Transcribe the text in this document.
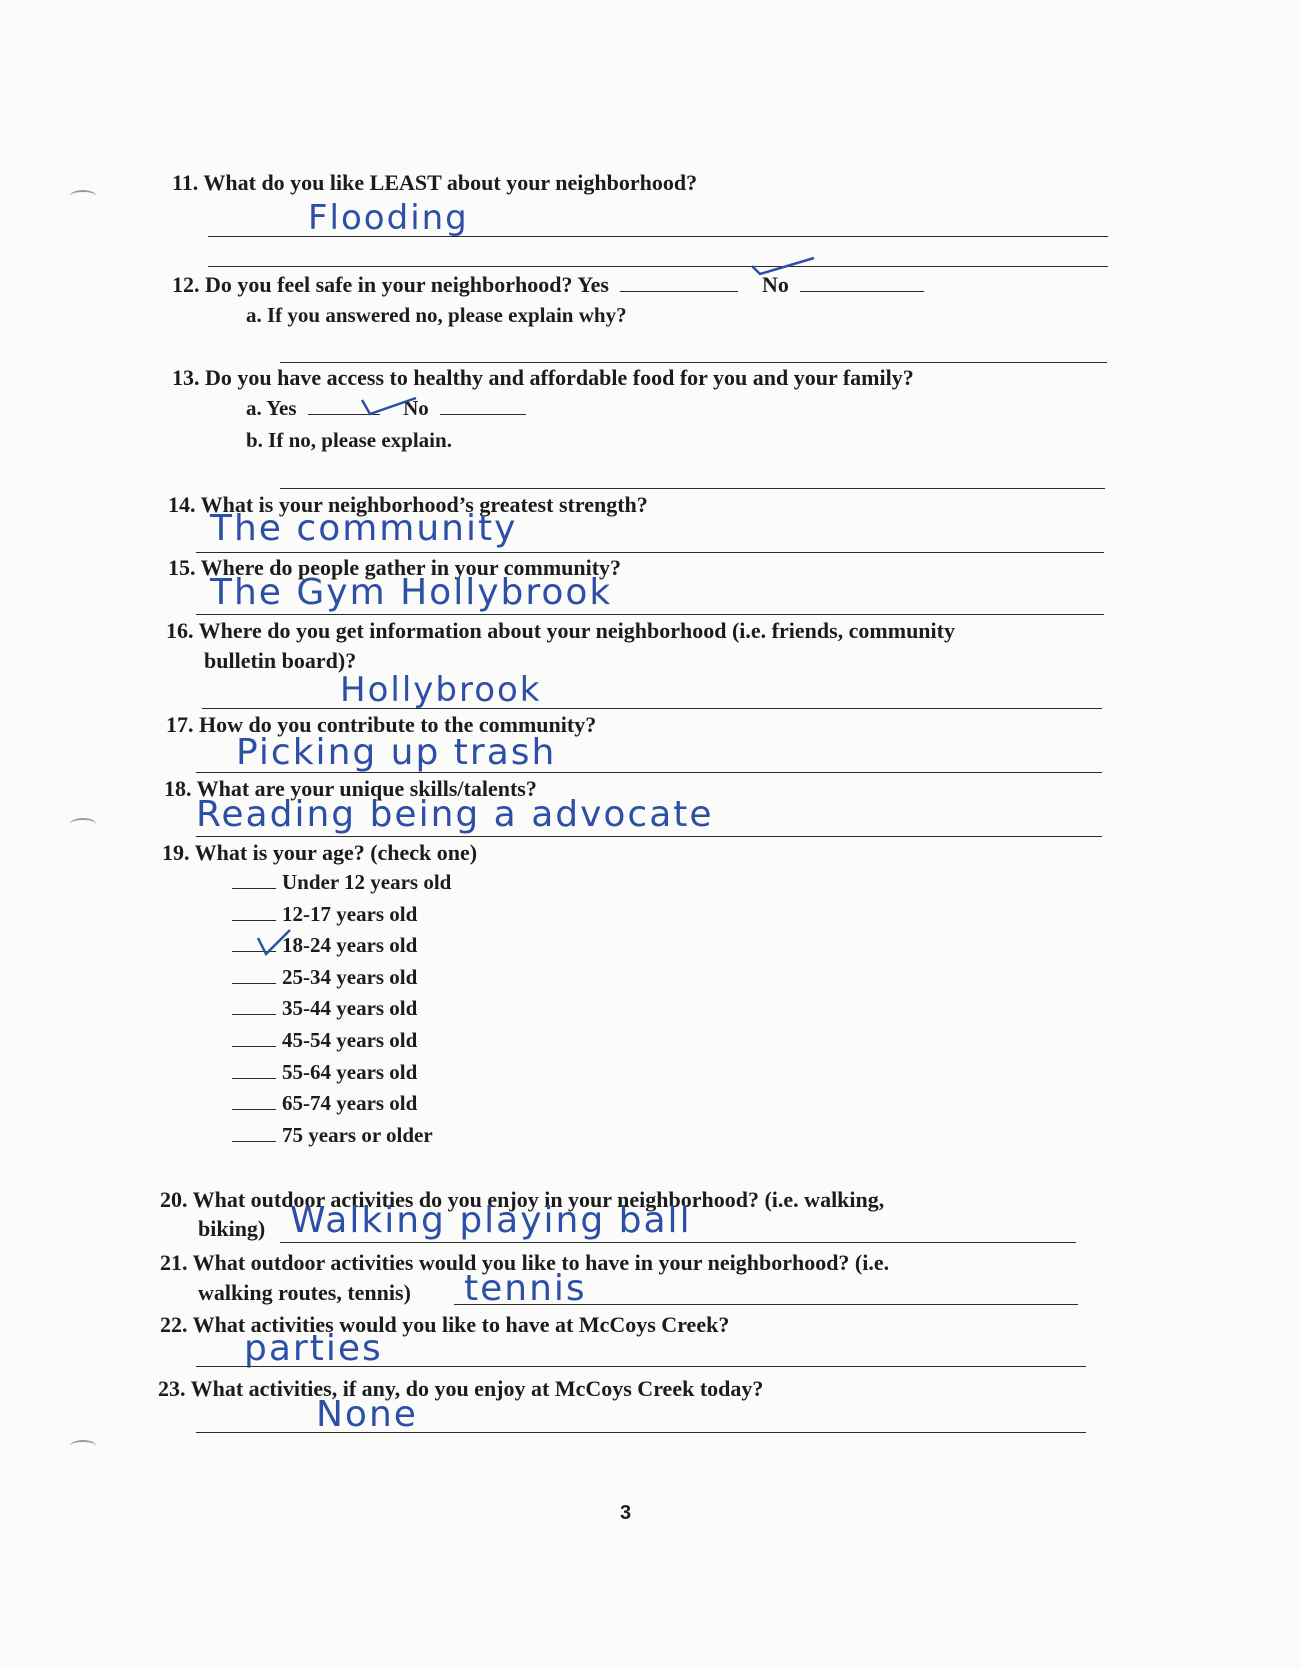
11. What do you like LEAST about your neighborhood?
Flooding
12. Do you feel safe in your neighborhood? Yes	No
a. If you answered no, please explain why?
13. Do you have access to healthy and affordable food for you and your family?
a. Yes	No
b. If no, please explain.
14. What is your neighborhood’s greatest strength?
The community
15. Where do people gather in your community?
The Gym Hollybrook
16. Where do you get information about your neighborhood (i.e. friends, community
bulletin board)?
Hollybrook
17. How do you contribute to the community?
Picking up trash
18. What are your unique skills/talents?
Reading being a advocate
19. What is your age? (check one)
Under 12 years old
12-17 years old
18-24 years old
25-34 years old
35-44 years old
45-54 years old
55-64 years old
65-74 years old
75 years or older
20. What outdoor activities do you enjoy in your neighborhood? (i.e. walking,
biking) Walking playing ball
21. What outdoor activities would you like to have in your neighborhood? (i.e.
walking routes, tennis) tennis
22. What activities would you like to have at McCoys Creek?
parties
23. What activities, if any, do you enjoy at McCoys Creek today?
None
3
